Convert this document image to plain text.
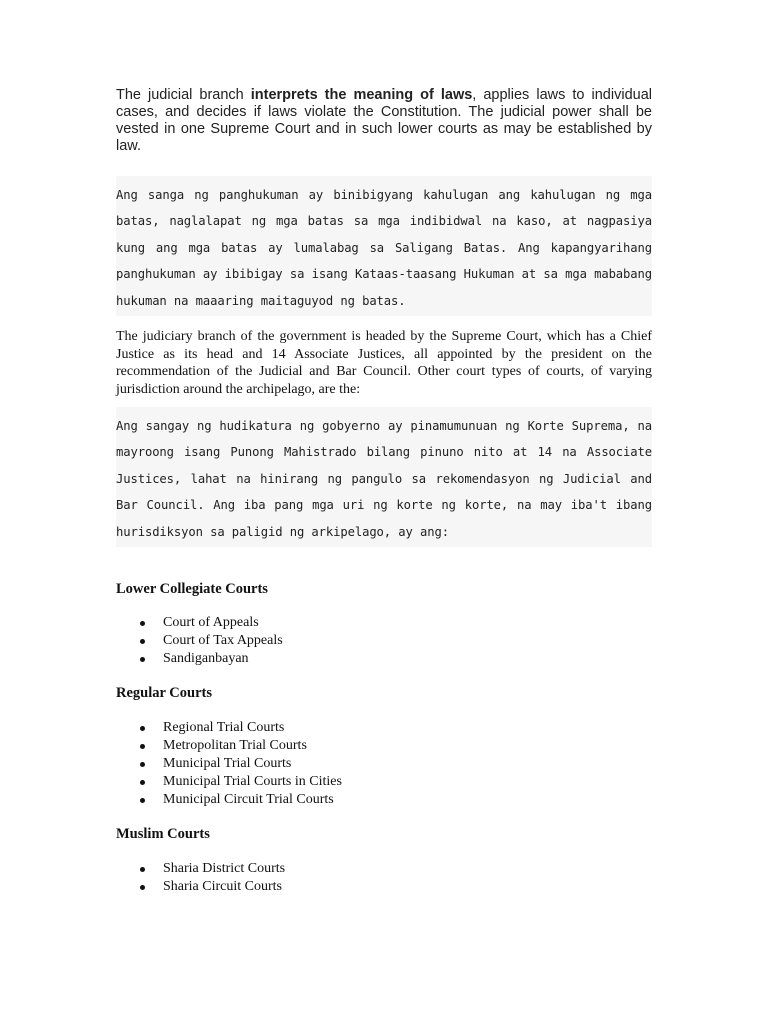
The judicial branch interprets the meaning of laws, applies laws to individual cases, and decides if laws violate the Constitution. The judicial power shall be vested in one Supreme Court and in such lower courts as may be established by law.

Ang sanga ng panghukuman ay binibigyang kahulugan ang kahulugan ng mga batas, naglalapat ng mga batas sa mga indibidwal na kaso, at nagpasiya kung ang mga batas ay lumalabag sa Saligang Batas. Ang kapangyarihang panghukuman ay ibibigay sa isang Kataas-taasang Hukuman at sa mga mababang hukuman na maaaring maitaguyod ng batas.

The judiciary branch of the government is headed by the Supreme Court, which has a Chief Justice as its head and 14 Associate Justices, all appointed by the president on the recommendation of the Judicial and Bar Council. Other court types of courts, of varying jurisdiction around the archipelago, are the:

Ang sangay ng hudikatura ng gobyerno ay pinamumunuan ng Korte Suprema, na mayroong isang Punong Mahistrado bilang pinuno nito at 14 na Associate Justices, lahat na hinirang ng pangulo sa rekomendasyon ng Judicial and Bar Council. Ang iba pang mga uri ng korte ng korte, na may iba't ibang hurisdiksyon sa paligid ng arkipelago, ay ang:

Lower Collegiate Courts
Court of Appeals
Court of Tax Appeals
Sandiganbayan
Regular Courts
Regional Trial Courts
Metropolitan Trial Courts
Municipal Trial Courts
Municipal Trial Courts in Cities
Municipal Circuit Trial Courts
Muslim Courts
Sharia District Courts
Sharia Circuit Courts
